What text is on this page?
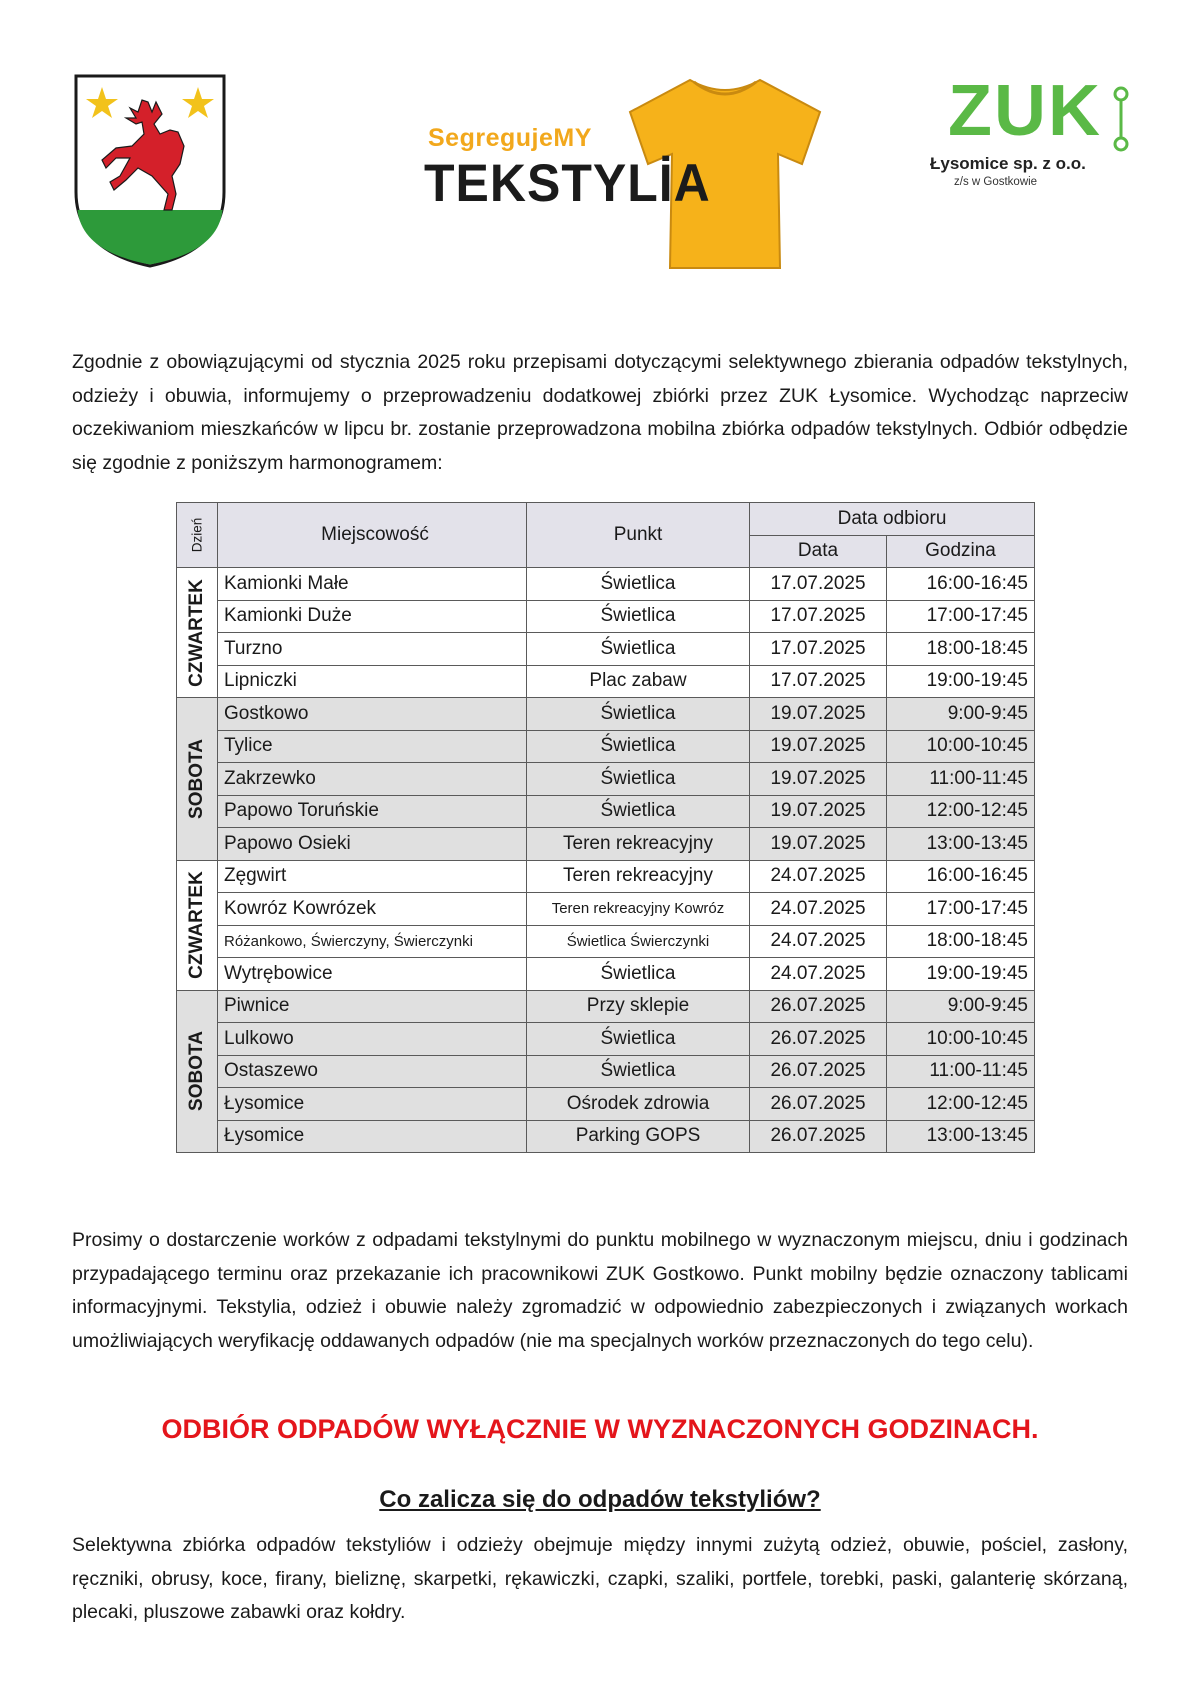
SegregujeMY
TEKSTYLİA
ZUK
Łysomice sp. z o.o.
z/s w Gostkowie
Zgodnie z obowiązującymi od stycznia 2025 roku przepisami dotyczącymi selektywnego zbierania odpadów tekstylnych, odzieży i obuwia, informujemy o przeprowadzeniu dodatkowej zbiórki przez ZUK Łysomice. Wychodząc naprzeciw oczekiwaniom mieszkańców w lipcu br. zostanie przeprowadzona mobilna zbiórka odpadów tekstylnych. Odbiór odbędzie się zgodnie z poniższym harmonogramem:
Dzień	Miejscowość	Punkt	Data odbioru	
			Data	Godzina

CZWARTEK	Kamionki Małe	Świetlica	17.07.2025	16:00-16:45
	Kamionki Duże	Świetlica	17.07.2025	17:00-17:45
	Turzno	Świetlica	17.07.2025	18:00-18:45
	Lipniczki	Plac zabaw	17.07.2025	19:00-19:45

SOBOTA	Gostkowo	Świetlica	19.07.2025	9:00-9:45
	Tylice	Świetlica	19.07.2025	10:00-10:45
	Zakrzewko	Świetlica	19.07.2025	11:00-11:45
	Papowo Toruńskie	Świetlica	19.07.2025	12:00-12:45
	Papowo Osieki	Teren rekreacyjny	19.07.2025	13:00-13:45

CZWARTEK	Zęgwirt	Teren rekreacyjny	24.07.2025	16:00-16:45
	Kowróz Kowrózek	Teren rekreacyjny Kowróz	24.07.2025	17:00-17:45
	Różankowo, Świerczyny, Świerczynki	Świetlica Świerczynki	24.07.2025	18:00-18:45
	Wytrębowice	Świetlica	24.07.2025	19:00-19:45

SOBOTA	Piwnice	Przy sklepie	26.07.2025	9:00-9:45
	Lulkowo	Świetlica	26.07.2025	10:00-10:45
	Ostaszewo	Świetlica	26.07.2025	11:00-11:45
	Łysomice	Ośrodek zdrowia	26.07.2025	12:00-12:45
	Łysomice	Parking GOPS	26.07.2025	13:00-13:45
Prosimy o dostarczenie worków z odpadami tekstylnymi do punktu mobilnego w wyznaczonym miejscu, dniu i godzinach przypadającego terminu oraz przekazanie ich pracownikowi ZUK Gostkowo. Punkt mobilny będzie oznaczony tablicami informacyjnymi. Tekstylia, odzież i obuwie należy zgromadzić w odpowiednio zabezpieczonych i związanych workach umożliwiających weryfikację oddawanych odpadów (nie ma specjalnych worków przeznaczonych do tego celu).
ODBIÓR ODPADÓW WYŁĄCZNIE W WYZNACZONYCH GODZINACH.
Co zalicza się do odpadów tekstyliów?
Selektywna zbiórka odpadów tekstyliów i odzieży obejmuje między innymi zużytą odzież, obuwie, pościel, zasłony, ręczniki, obrusy, koce, firany, bieliznę, skarpetki, rękawiczki, czapki, szaliki, portfele, torebki, paski, galanterię skórzaną, plecaki, pluszowe zabawki oraz kołdry.
